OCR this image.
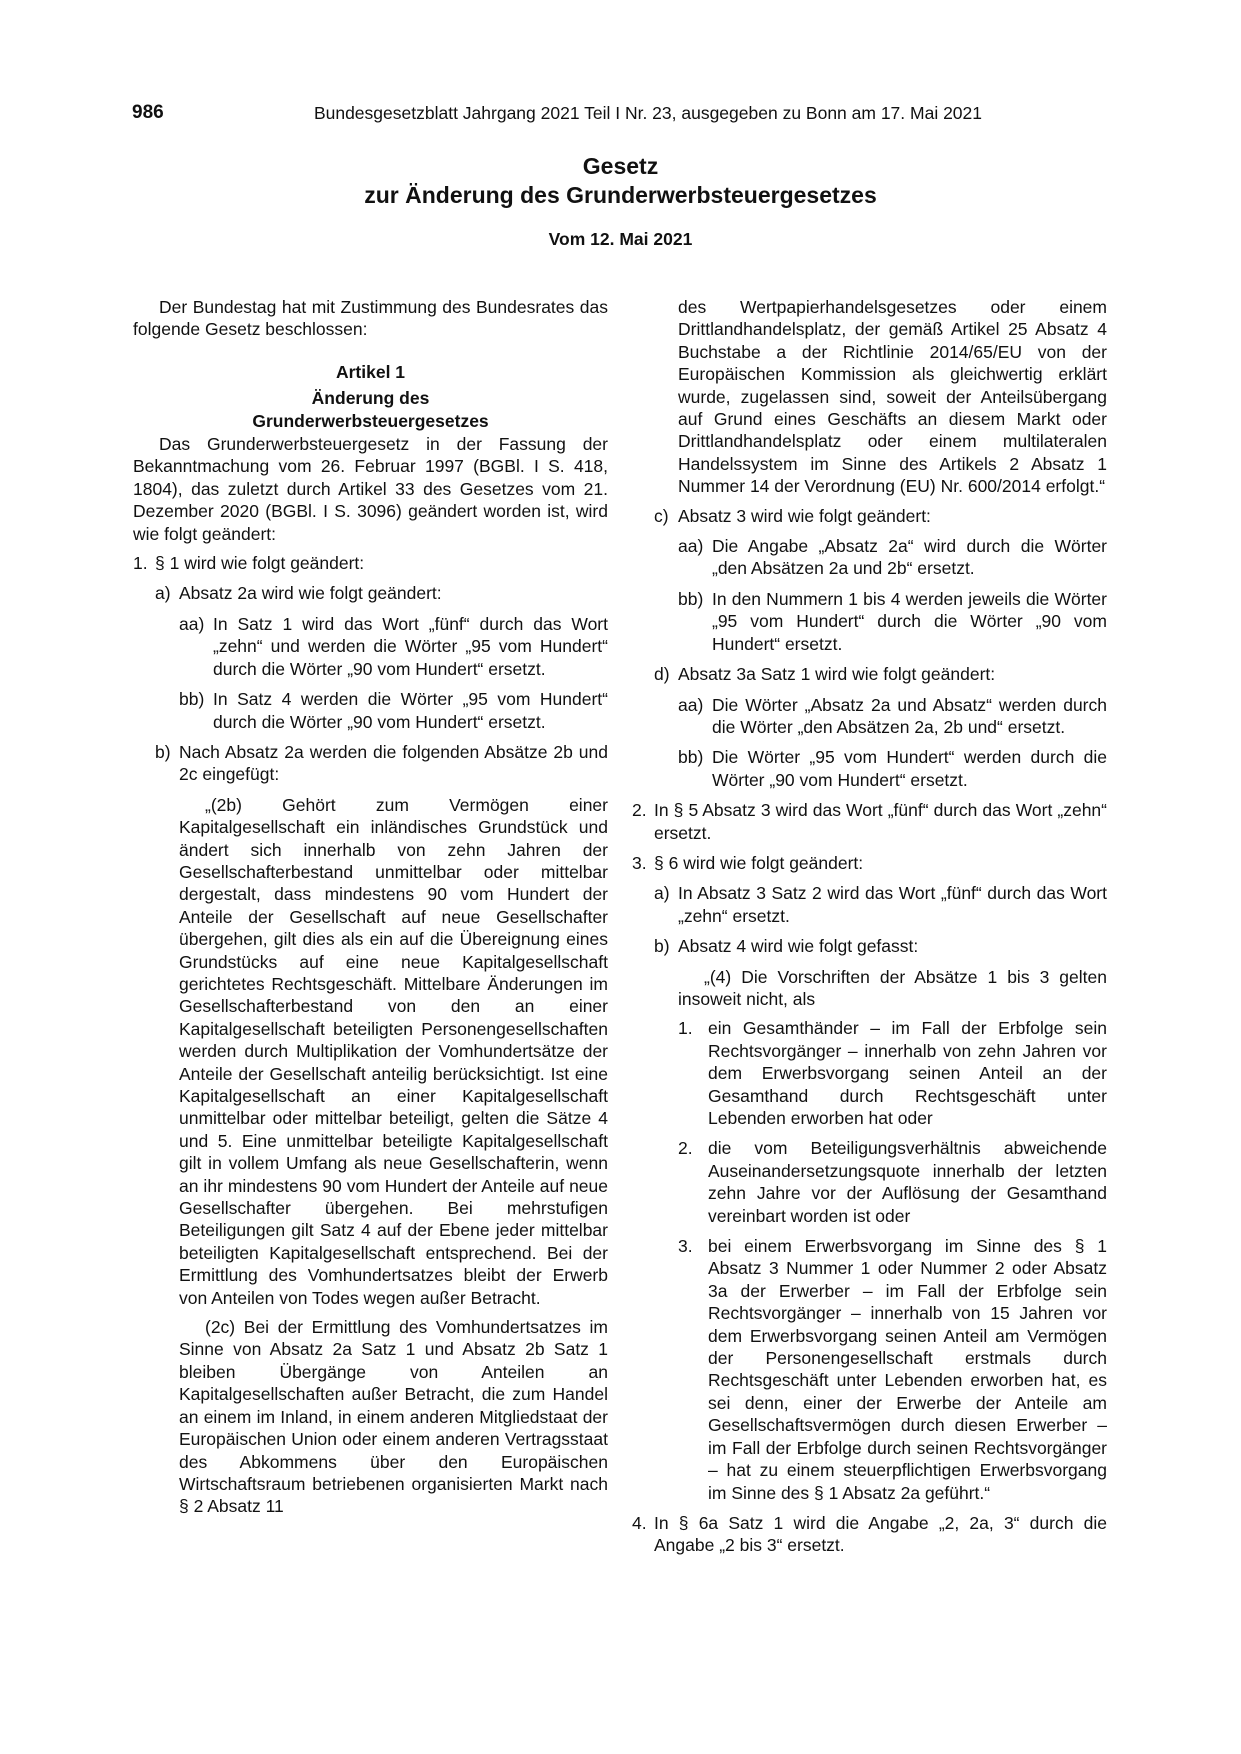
986	Bundesgesetzblatt Jahrgang 2021 Teil I Nr. 23, ausgegeben zu Bonn am 17. Mai 2021
Gesetz
zur Änderung des Grunderwerbsteuergesetzes
Vom 12. Mai 2021

Der Bundestag hat mit Zustimmung des Bundesrates das folgende Gesetz beschlossen:

Artikel 1

Änderung des

Grunderwerbsteuergesetzes

Das Grunderwerbsteuergesetz in der Fassung der Bekanntmachung vom 26. Februar 1997 (BGBl. I S. 418, 1804), das zuletzt durch Artikel 33 des Gesetzes vom 21. Dezember 2020 (BGBl. I S. 3096) geändert worden ist, wird wie folgt geändert:

1. § 1 wird wie folgt geändert:

a) Absatz 2a wird wie folgt geändert:

aa) In Satz 1 wird das Wort „fünf“ durch das Wort „zehn“ und werden die Wörter „95 vom Hundert“ durch die Wörter „90 vom Hundert“ ersetzt.

bb) In Satz 4 werden die Wörter „95 vom Hundert“ durch die Wörter „90 vom Hundert“ ersetzt.

b) Nach Absatz 2a werden die folgenden Absätze 2b und 2c eingefügt:

„(2b) Gehört zum Vermögen einer Kapitalgesellschaft ein inländisches Grundstück und ändert sich innerhalb von zehn Jahren der Gesellschafterbestand unmittelbar oder mittelbar dergestalt, dass mindestens 90 vom Hundert der Anteile der Gesellschaft auf neue Gesellschafter übergehen, gilt dies als ein auf die Übereignung eines Grundstücks auf eine neue Kapitalgesellschaft gerichtetes Rechtsgeschäft. Mittelbare Änderungen im Gesellschafterbestand von den an einer Kapitalgesellschaft beteiligten Personengesellschaften werden durch Multiplikation der Vomhundertsätze der Anteile der Gesellschaft anteilig berücksichtigt. Ist eine Kapitalgesellschaft an einer Kapitalgesellschaft unmittelbar oder mittelbar beteiligt, gelten die Sätze 4 und 5. Eine unmittelbar beteiligte Kapitalgesellschaft gilt in vollem Umfang als neue Gesellschafterin, wenn an ihr mindestens 90 vom Hundert der Anteile auf neue Gesellschafter übergehen. Bei mehrstufigen Beteiligungen gilt Satz 4 auf der Ebene jeder mittelbar beteiligten Kapitalgesellschaft entsprechend. Bei der Ermittlung des Vomhundertsatzes bleibt der Erwerb von Anteilen von Todes wegen außer Betracht.

(2c) Bei der Ermittlung des Vomhundertsatzes im Sinne von Absatz 2a Satz 1 und Absatz 2b Satz 1 bleiben Übergänge von Anteilen an Kapitalgesellschaften außer Betracht, die zum Handel an einem im Inland, in einem anderen Mitgliedstaat der Europäischen Union oder einem anderen Vertragsstaat des Abkommens über den Europäischen Wirtschaftsraum betriebenen organisierten Markt nach § 2 Absatz 11

des Wertpapierhandelsgesetzes oder einem Drittlandhandelsplatz, der gemäß Artikel 25 Absatz 4 Buchstabe a der Richtlinie 2014/65/EU von der Europäischen Kommission als gleichwertig erklärt wurde, zugelassen sind, soweit der Anteilsübergang auf Grund eines Geschäfts an diesem Markt oder Drittlandhandelsplatz oder einem multilateralen Handelssystem im Sinne des Artikels 2 Absatz 1 Nummer 14 der Verordnung (EU) Nr. 600/2014 erfolgt.“

c) Absatz 3 wird wie folgt geändert:

aa) Die Angabe „Absatz 2a“ wird durch die Wörter „den Absätzen 2a und 2b“ ersetzt.

bb) In den Nummern 1 bis 4 werden jeweils die Wörter „95 vom Hundert“ durch die Wörter „90 vom Hundert“ ersetzt.

d) Absatz 3a Satz 1 wird wie folgt geändert:

aa) Die Wörter „Absatz 2a und Absatz“ werden durch die Wörter „den Absätzen 2a, 2b und“ ersetzt.

bb) Die Wörter „95 vom Hundert“ werden durch die Wörter „90 vom Hundert“ ersetzt.

2. In § 5 Absatz 3 wird das Wort „fünf“ durch das Wort „zehn“ ersetzt.

3. § 6 wird wie folgt geändert:

a) In Absatz 3 Satz 2 wird das Wort „fünf“ durch das Wort „zehn“ ersetzt.

b) Absatz 4 wird wie folgt gefasst:

„(4) Die Vorschriften der Absätze 1 bis 3 gelten insoweit nicht, als

1. ein Gesamthänder – im Fall der Erbfolge sein Rechtsvorgänger – innerhalb von zehn Jahren vor dem Erwerbsvorgang seinen Anteil an der Gesamthand durch Rechtsgeschäft unter Lebenden erworben hat oder

2. die vom Beteiligungsverhältnis abweichende Auseinandersetzungsquote innerhalb der letzten zehn Jahre vor der Auflösung der Gesamthand vereinbart worden ist oder

3. bei einem Erwerbsvorgang im Sinne des § 1 Absatz 3 Nummer 1 oder Nummer 2 oder Absatz 3a der Erwerber – im Fall der Erbfolge sein Rechtsvorgänger – innerhalb von 15 Jahren vor dem Erwerbsvorgang seinen Anteil am Vermögen der Personengesellschaft erstmals durch Rechtsgeschäft unter Lebenden erworben hat, es sei denn, einer der Erwerbe der Anteile am Gesellschaftsvermögen durch diesen Erwerber – im Fall der Erbfolge durch seinen Rechtsvorgänger – hat zu einem steuerpflichtigen Erwerbsvorgang im Sinne des § 1 Absatz 2a geführt.“

4. In § 6a Satz 1 wird die Angabe „2, 2a, 3“ durch die Angabe „2 bis 3“ ersetzt.
